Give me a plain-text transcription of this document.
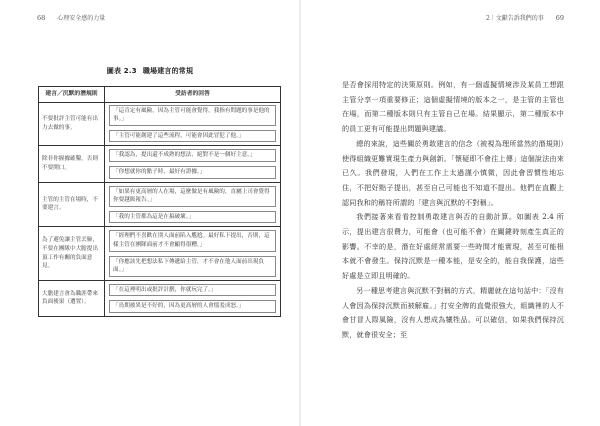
68 心理安全感的力量
圖表 2.3 職場建言的常規
建言／沉默的潛規則	受訪者的回答
不要批評主管可能有出力去做的事。	「這肯定有風險，因為主管可能會覺得，我指有問題的事是他的事。」

	「主管可能創建了這些流程，可能會因此冒犯了他。」

除非你握據確鑿，否則不要開口。	「我認為，提出還不成熟的想法，絕對不是一個好主意。」

	「你想就你的點子時，最好有證據。」

主管的主管在場時，不要建言。	「如果有更高層的人在場，這麼做是有風險的，直屬上司會覺得你要越級報告。」

	「我的主管都為這是在搞破壞。」

為了避免讓主管丟臉，不要在團隊中大膽提出頂工作有關的負面意見。	「經理們不喜歡在別人面前陷入尷尬。最好私下提出，否則，這樣主管在團隊面前才不會顯得很糟。」

	「你應該先把想法私下傳遞給主管，才不會在他人面前出現負面。」

大膽建言會為職涯帶來負面後果（遭置）。	「在這裡明出或批評計劃，你就玩完了。」

	「鳥期被異是不好的，因為更高層的人會惱羞成怒。」
2｜文獻告訴我們的事 69

是否會採用特定的決策原則。例如，有一個虛擬情境涉及某員工想跟主管分享一項重要修正；這個虛擬情境的版本之一，是主管的主管也在場，而第二種版本則只有主管自己在場。結果顯示，第二種版本中的員工更有可能提出問題與建議。

總的來說，這些關於勇敢建言的信念（被視為理所當然的潛規則）使得組織更難實現生產力與創新。「懷疑即不會往上傳」這個說法由來已久。我們發現，人們在工作上太過謹小慎微，因此會習慣性地忘住，不把好點子提出，甚至自己可能也不知道不提出。他們在直觀上認同我和的稱符所謂的「建言與沉默的不對稱」。

我們接著來看看控制勇敢建言與否的自動計算。如圖表 2.4 所示，提出建言很費力，可能會（也可能不會）在關鍵時刻產生真正的影響。不幸的是，潛在好處經常需要一些時間才能實現，甚至可能根本就不會發生。保持沉默是一種本能，是安全的，能自我保護，這些好處是立即且明確的。

另一種思考建言與沉默不對稱的方式，精麗就在這句話中：「沒有人會因為保持沉默而被解雇。」打安全牌的直覺很強大，組織裡的人不會甘冒人際風險，沒有人想成為犧牲品。可以確信，如果我們保持沉默，就會很安全；至
